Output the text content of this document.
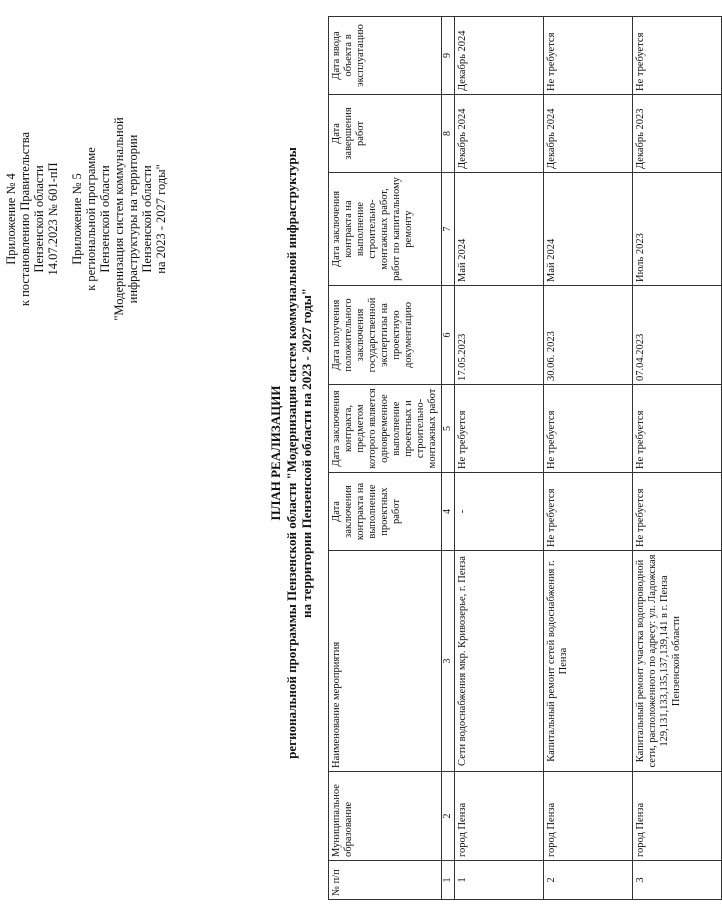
Приложение № 4 к постановлению Правительства Пензенской области 14.07.2023 № 601-пП Приложение № 5 к региональной программе Пензенской области "Модернизация систем коммунальной инфраструктуры на территории Пензенской области на 2023 - 2027 годы"
ПЛАН РЕАЛИЗАЦИИ региональной программы Пензенской области "Модернизация систем коммунальной инфраструктуры на территории Пензенской области на 2023 - 2027 годы"
№ п/п	Муниципальное образование	Наименование мероприятия	Дата заключения контракта на выполнение проектных работ	Дата заключения контракта, предметом которого является одновременное выполнение проектных и строительно-монтажных работ	Дата получения положительного заключения государственной экспертизы на проектную документацию	Дата заключения контракта на выполнение строительно-монтажных работ, работ по капитальному ремонту	Дата завершения работ	Дата ввода объекта в эксплуатацию
1	2	3	4	5	6	7	8	9
1	город Пенза	Сети водоснабжения мкр. Кривозерье, г. Пенза	-	Не требуется	17.05.2023	Май 2024	Декабрь 2024	Декабрь 2024
2	город Пенза	Капитальный ремонт сетей водоснабжения г. Пенза	Не требуется	Не требуется	30.06. 2023	Май 2024	Декабрь 2024	Не требуется
3	город Пенза	Капитальный ремонт участка водопроводной сети, расположенного по адресу: ул. Ладожская 129,131,133,135,137,139,141 в г. Пенза Пензенской области	Не требуется	Не требуется	07.04.2023	Июль 2023	Декабрь 2023	Не требуется
